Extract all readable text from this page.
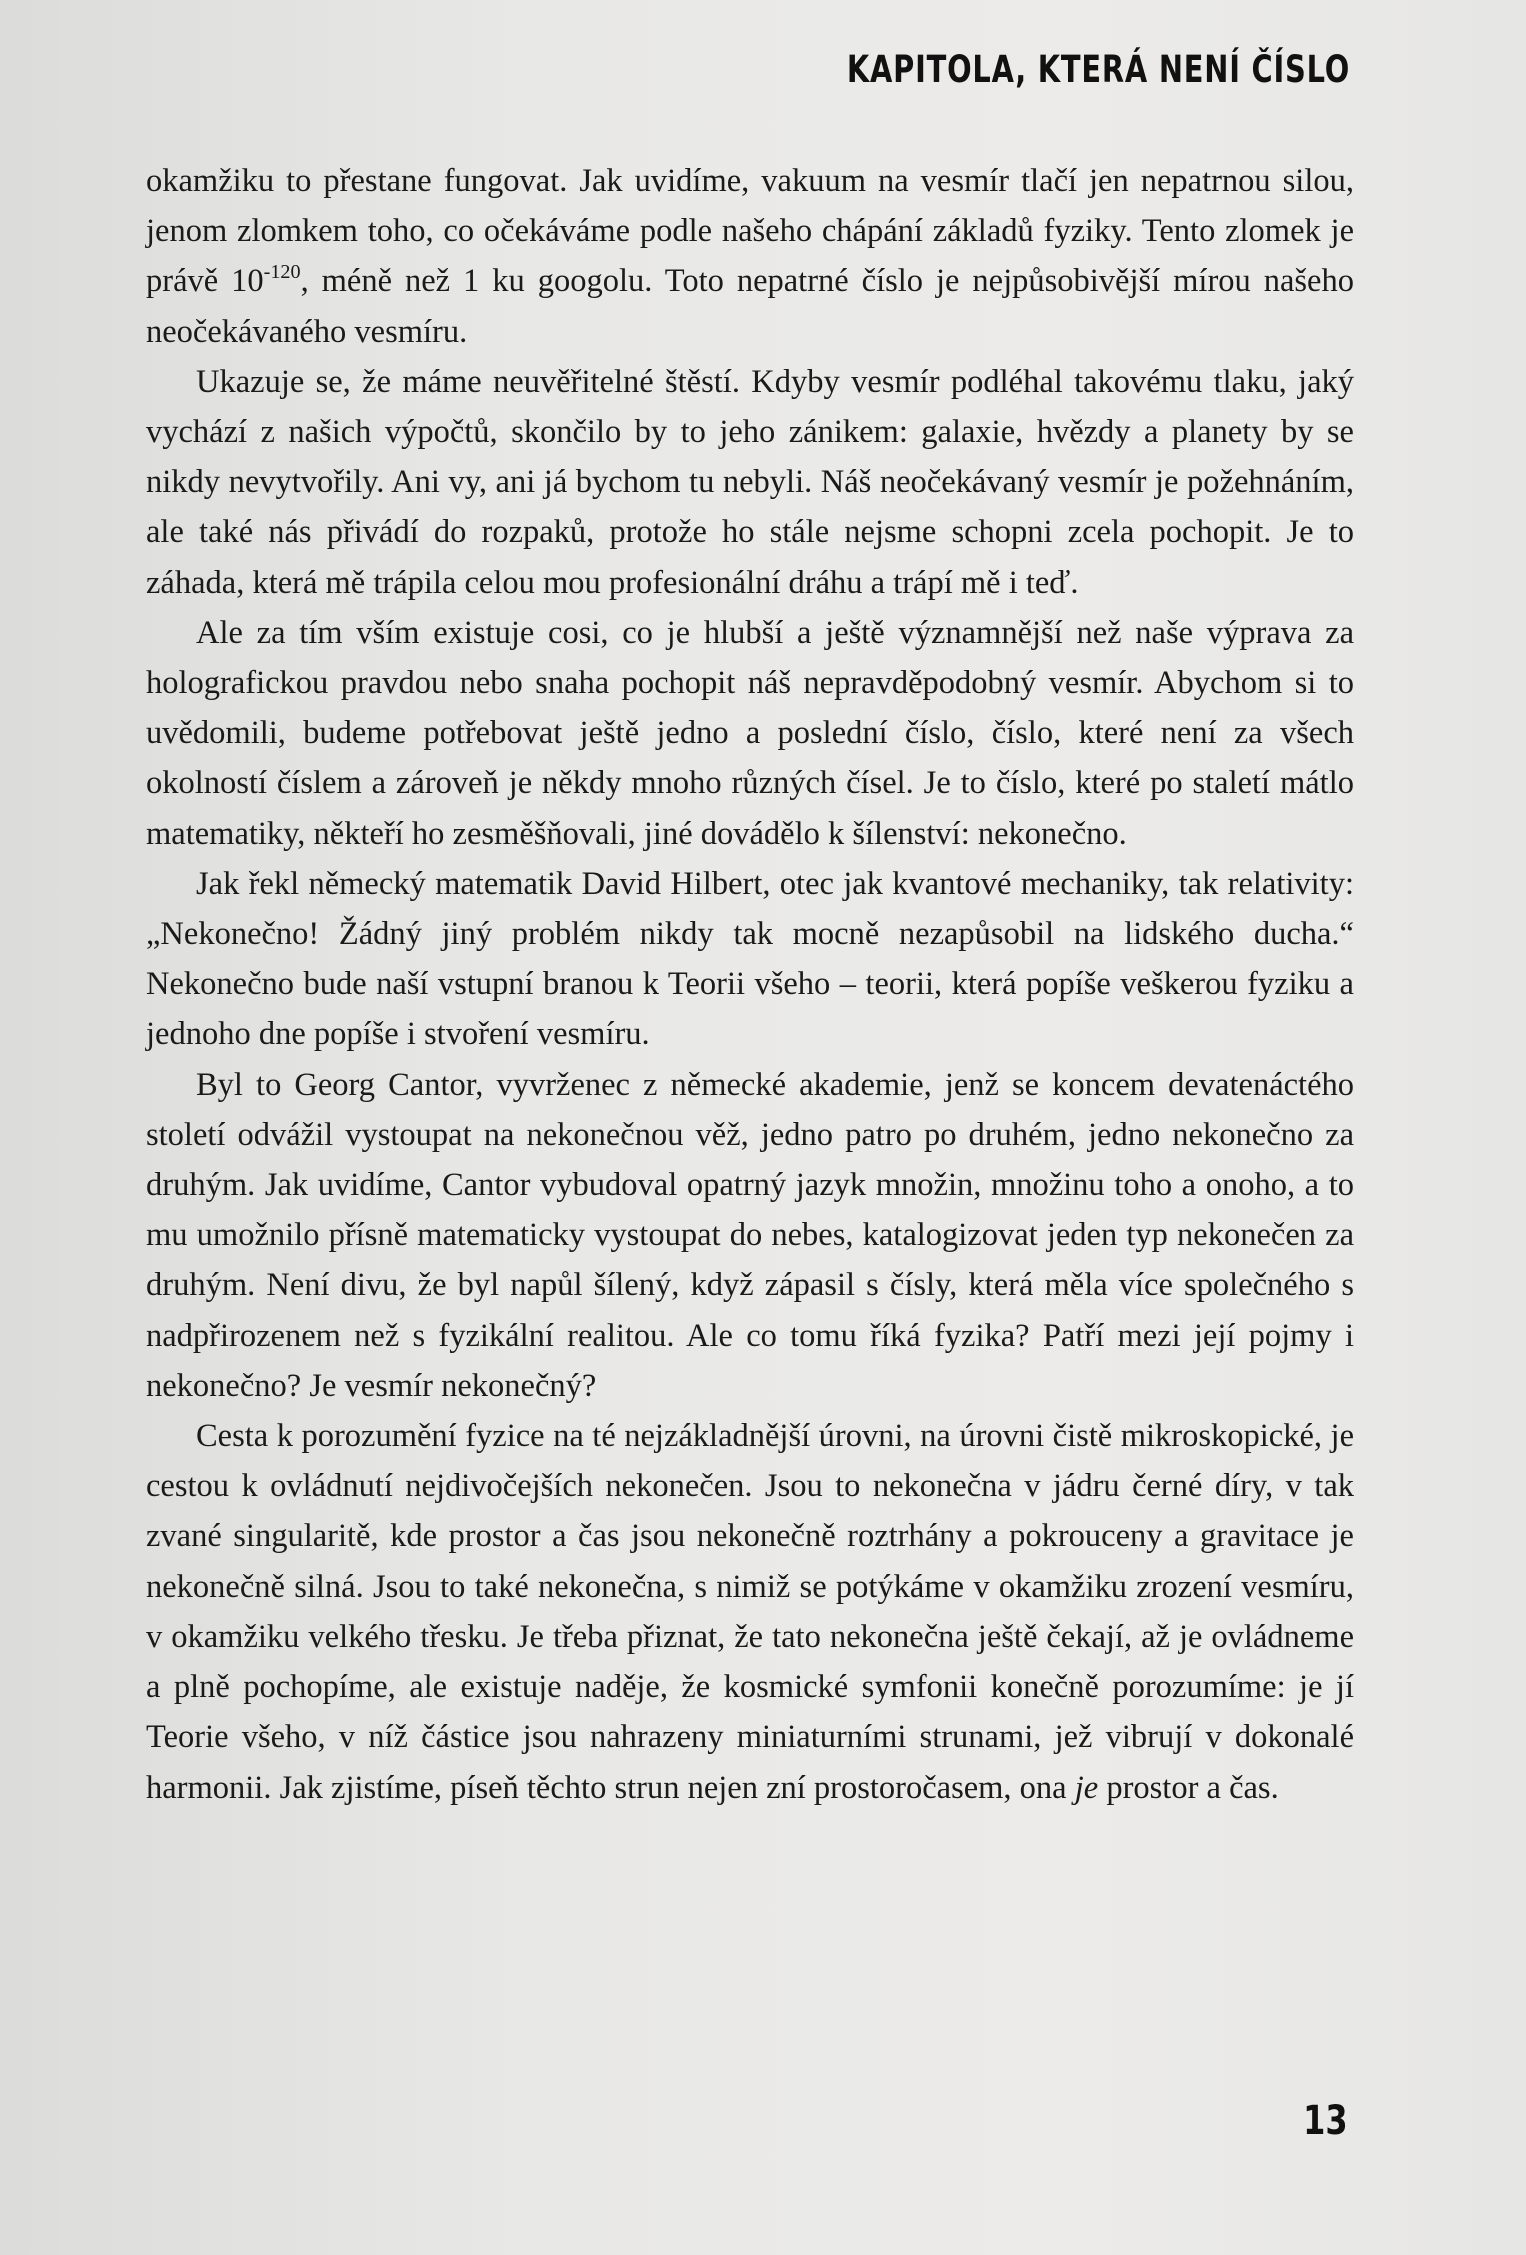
KAPITOLA, KTERÁ NENÍ ČÍSLO

okamžiku to přestane fungovat. Jak uvidíme, vakuum na vesmír tlačí jen nepatrnou silou, jenom zlomkem toho, co očekáváme podle našeho chápání základů fyziky. Tento zlomek je právě $10^{-120}$, méně než 1 ku googolu. Toto nepatrné číslo je nejpůsobivější mírou našeho neočekávaného vesmíru.

Ukazuje se, že máme neuvěřitelné štěstí. Kdyby vesmír podléhal takovému tlaku, jaký vychází z našich výpočtů, skončilo by to jeho zánikem: galaxie, hvězdy a planety by se nikdy nevytvořily. Ani vy, ani já bychom tu nebyli. Náš neočekávaný vesmír je požehnáním, ale také nás přivádí do rozpaků, protože ho stále nejsme schopni zcela pochopit. Je to záhada, která mě trápila celou mou profesionální dráhu a trápí mě i teď.

Ale za tím vším existuje cosi, co je hlubší a ještě významnější než naše výprava za holografickou pravdou nebo snaha pochopit náš nepravděpodobný vesmír. Abychom si to uvědomili, budeme potřebovat ještě jedno a poslední číslo, číslo, které není za všech okolností číslem a zároveň je někdy mnoho různých čísel. Je to číslo, které po staletí mátlo matematiky, někteří ho zesměšňovali, jiné dovádělo k šílenství: nekonečno.

Jak řekl německý matematik David Hilbert, otec jak kvantové mechaniky, tak relativity: „Nekonečno! Žádný jiný problém nikdy tak mocně nezapůsobil na lidského ducha.“ Nekonečno bude naší vstupní branou k Teorii všeho – teorii, která popíše veškerou fyziku a jednoho dne popíše i stvoření vesmíru.

Byl to Georg Cantor, vyvrženec z německé akademie, jenž se koncem devatenáctého století odvážil vystoupat na nekonečnou věž, jedno patro po druhém, jedno nekonečno za druhým. Jak uvidíme, Cantor vybudoval opatrný jazyk množin, množinu toho a onoho, a to mu umožnilo přísně matematicky vystoupat do nebes, katalogizovat jeden typ nekonečen za druhým. Není divu, že byl napůl šílený, když zápasil s čísly, která měla více společného s nadpřirozenem než s fyzikální realitou. Ale co tomu říká fyzika? Patří mezi její pojmy i nekonečno? Je vesmír nekonečný?

Cesta k porozumění fyzice na té nejzákladnější úrovni, na úrovni čistě mikroskopické, je cestou k ovládnutí nejdivočejších nekonečen. Jsou to nekonečna v jádru černé díry, v tak zvané singularitě, kde prostor a čas jsou nekonečně roztrhány a pokrouceny a gravitace je nekonečně silná. Jsou to také nekonečna, s nimiž se potýkáme v okamžiku zrození vesmíru, v okamžiku velkého třesku. Je třeba přiznat, že tato nekonečna ještě čekají, až je ovládneme a plně pochopíme, ale existuje naděje, že kosmické symfonii konečně porozumíme: je jí Teorie všeho, v níž částice jsou nahrazeny miniaturními strunami, jež vibrují v dokonalé harmonii. Jak zjistíme, píseň těchto strun nejen zní prostoročasem, ona je prostor a čas.

13
